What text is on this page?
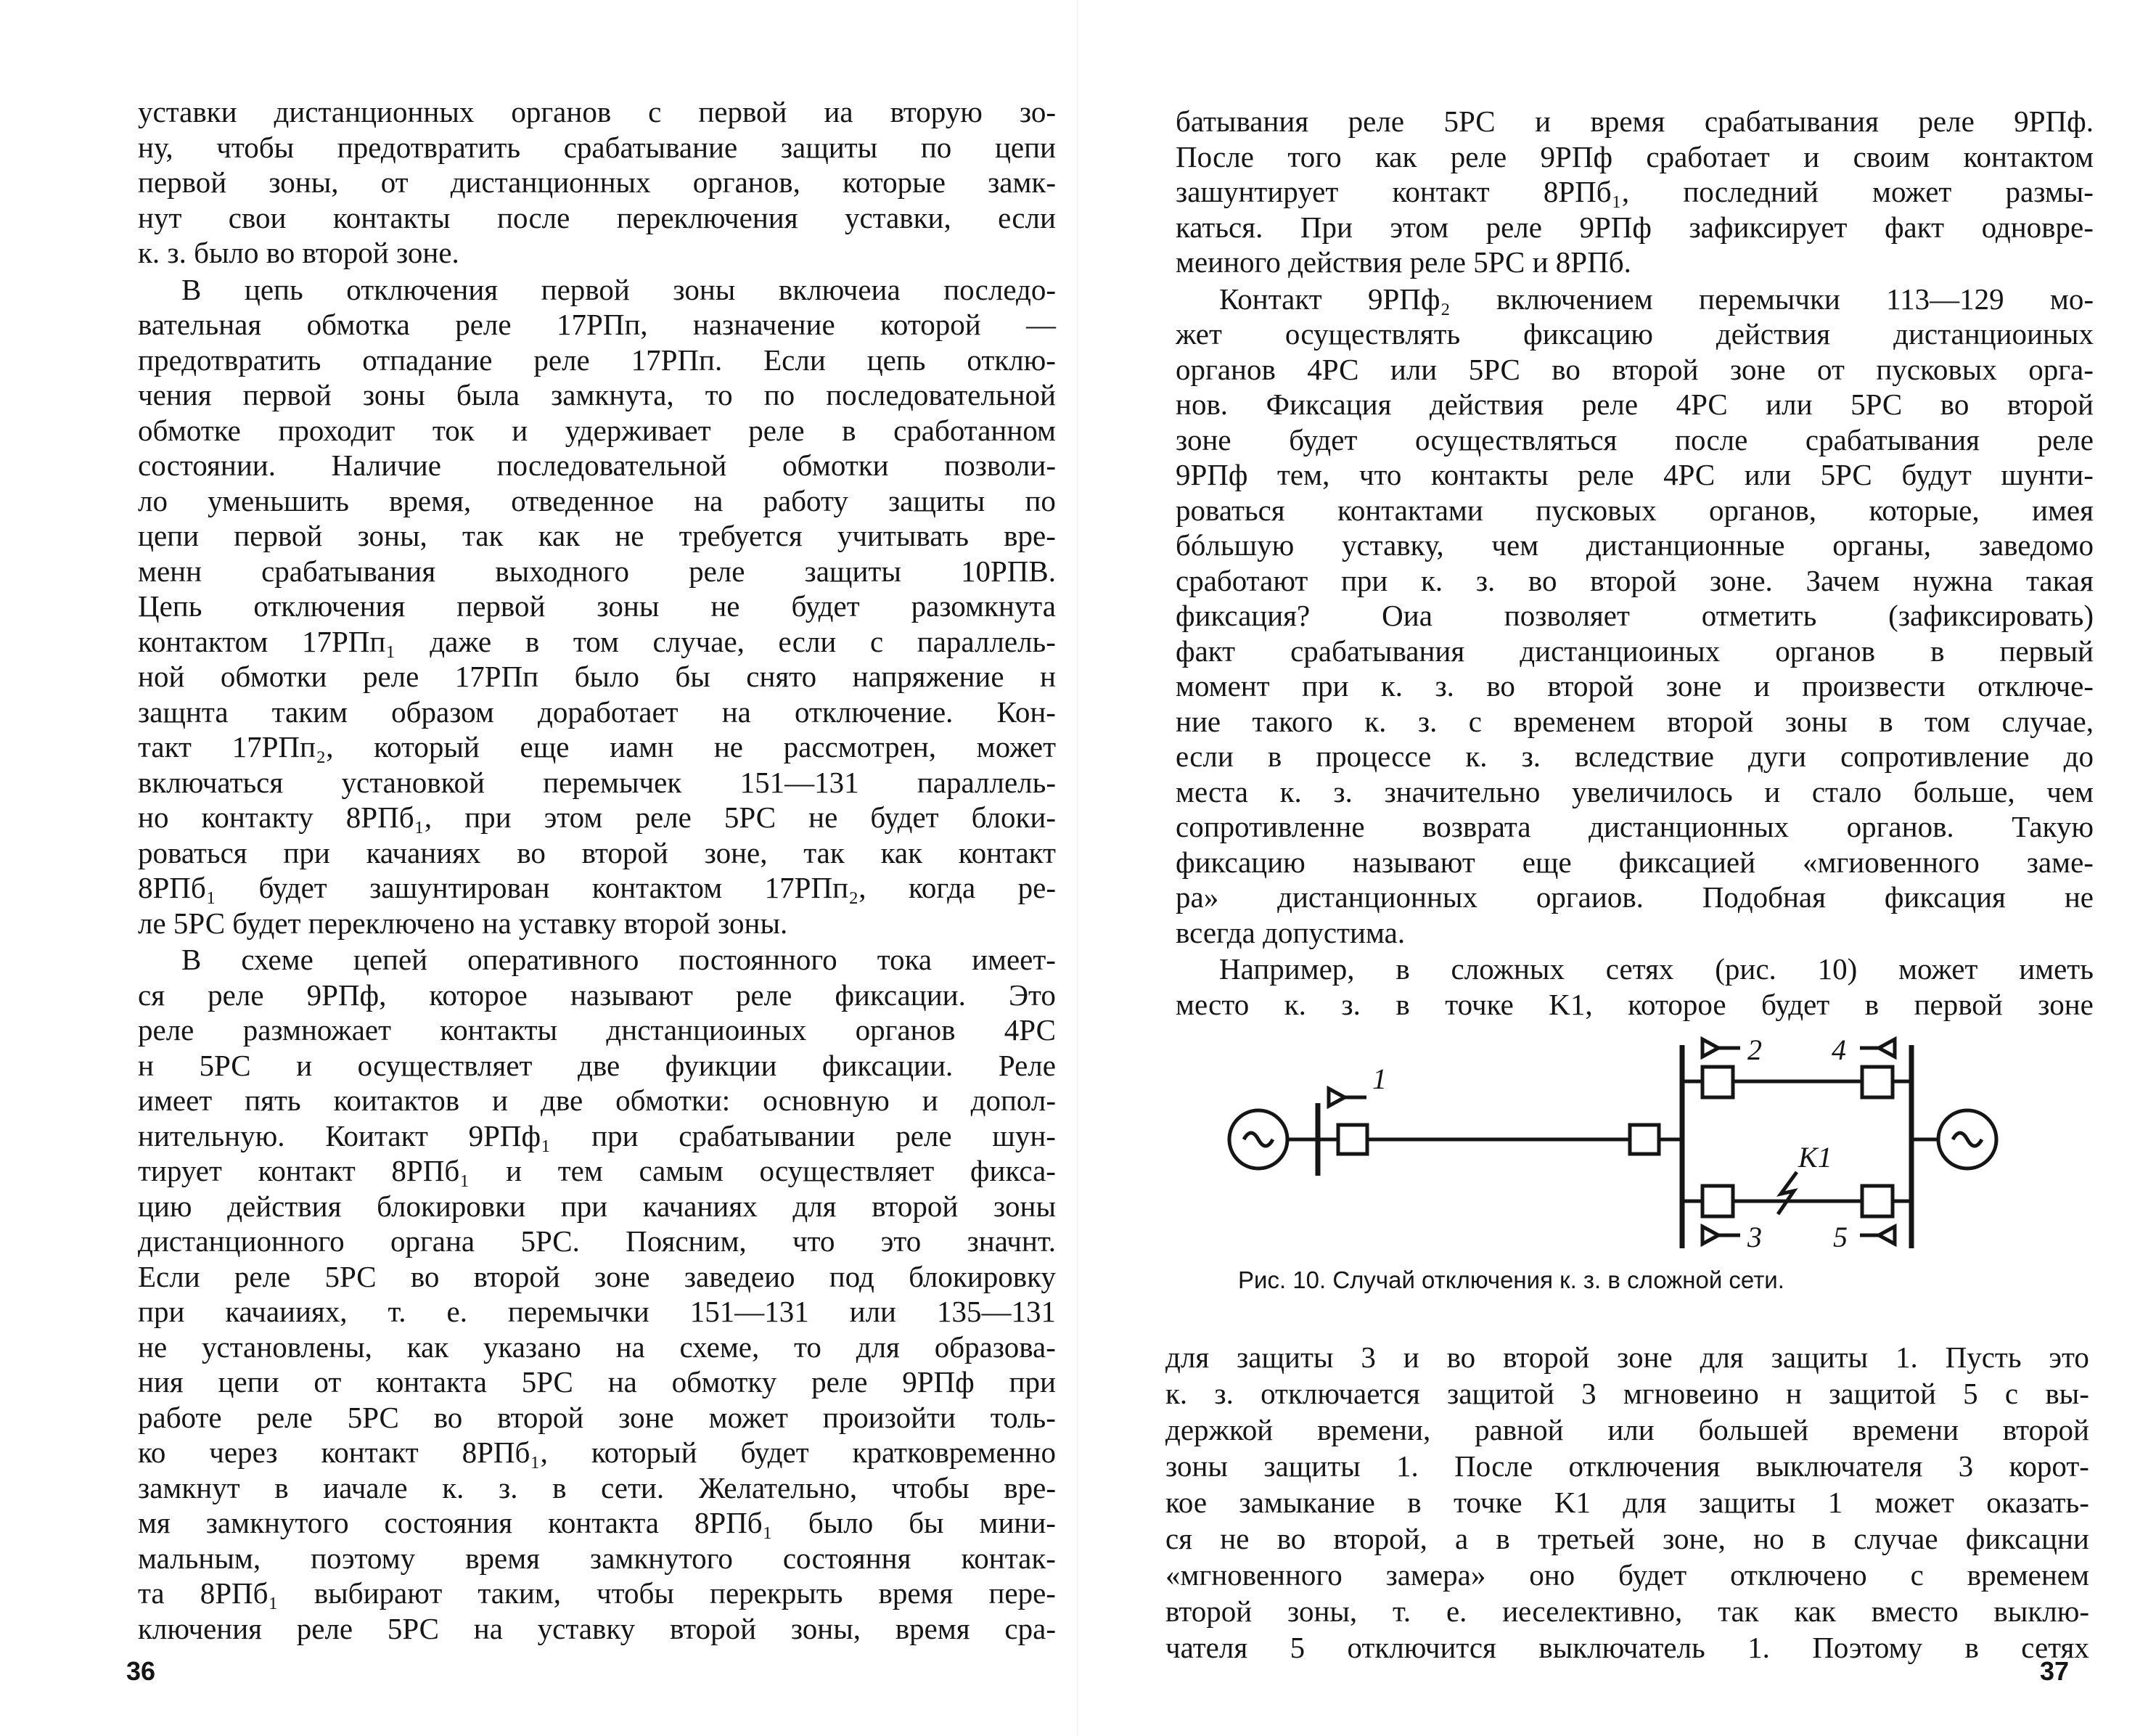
уставки дистанционных органов с первой иа вторую зо-
ну, чтобы предотвратить срабатывание защиты по цепи
первой зоны, от дистанционных органов, которые замк-
нут свои контакты после переключения уставки, если
к. з. было во второй зоне.
В цепь отключения первой зоны включеиа последо-
вательная обмотка реле 17РПп, назначение которой —
предотвратить отпадание реле 17РПп. Если цепь отклю-
чения первой зоны была замкнута, то по последовательной
обмотке проходит ток и удерживает реле в сработанном
состоянии. Наличие последовательной обмотки позволи-
ло уменьшить время, отведенное на работу защиты по
цепи первой зоны, так как не требуется учитывать вре-
менн срабатывания выходного реле защиты 10РПВ.
Цепь отключения первой зоны не будет разомкнута
контактом 17РПп₁ даже в том случае, если с параллель-
ной обмотки реле 17РПп было бы снято напряжение н
защнта таким образом доработает на отключение. Кон-
такт 17РПп₂, который еще иамн не рассмотрен, может
включаться установкой перемычек 151—131 параллель-
но контакту 8РПб₁, при этом реле 5РС не будет блоки-
роваться при качаниях во второй зоне, так как контакт
8РПб₁ будет зашунтирован контактом 17РПп₂, когда ре-
ле 5РС будет переключено на уставку второй зоны.
В схеме цепей оперативного постоянного тока имеет-
ся реле 9РПф, которое называют реле фиксации. Это
реле размножает контакты днстанциоиных органов 4РС
н 5РС и осуществляет две фуикции фиксации. Реле
имеет пять коитактов и две обмотки: основную и допол-
нительную. Коитакт 9РПф₁ при срабатывании реле шун-
тирует контакт 8РПб₁ и тем самым осуществляет фикса-
цию действия блокировки при качаниях для второй зоны
дистанционного органа 5РС. Поясним, что это значнт.
Если реле 5РС во второй зоне заведеио под блокировку
при качаииях, т. е. перемычки 151—131 или 135—131
не установлены, как указано на схеме, то для образова-
ния цепи от контакта 5РС на обмотку реле 9РПф при
работе реле 5РС во второй зоне может произойти толь-
ко через контакт 8РПб₁, который будет кратковременно
замкнут в иачале к. з. в сети. Желательно, чтобы вре-
мя замкнутого состояния контакта 8РПб₁ было бы мини-
мальным, поэтому время замкнутого состояння контак-
та 8РПб₁ выбирают таким, чтобы перекрыть время пере-
ключения реле 5РС на уставку второй зоны, время сра-
36
батывания реле 5РС и время срабатывания реле 9РПф.
После того как реле 9РПф сработает и своим контактом
зашунтирует контакт 8РПб₁, последний может размы-
каться. При этом реле 9РПф зафиксирует факт одновре-
меиного действия реле 5РС и 8РПб.
Контакт 9РПф₂ включением перемычки 113—129 мо-
жет осуществлять фиксацию действия дистанциоиных
органов 4РС или 5РС во второй зоне от пусковых орга-
нов. Фиксация действия реле 4РС или 5РС во второй
зоне будет осуществляться после срабатывания реле
9РПф тем, что контакты реле 4РС или 5РС будут шунти-
роваться контактами пусковых органов, которые, имея
бóльшую уставку, чем дистанционные органы, заведомо
сработают при к. з. во второй зоне. Зачем нужна такая
фиксация? Оиа позволяет отметить (зафиксировать)
факт срабатывания дистанциоиных органов в первый
момент при к. з. во второй зоне и произвести отключе-
ние такого к. з. с временем второй зоны в том случае,
если в процессе к. з. вследствие дуги сопротивление до
места к. з. значительно увеличилось и стало больше, чем
сопротивленне возврата дистанционных органов. Такую
фиксацию называют еще фиксацией «мгиовенного заме-
ра» дистанционных оргаиов. Подобная фиксация не
всегда допустима.
Например, в сложных сетях (рис. 10) может иметь
место к. з. в точке K1, которое будет в первой зоне
1
2 4
3 5
K1
Рис. 10. Случай отключения к. з. в сложной сети.
для защиты 3 и во второй зоне для защиты 1. Пусть это
к. з. отключается защитой 3 мгновеино н защитой 5 с вы-
держкой времени, равной или большей времени второй
зоны защиты 1. После отключения выключателя 3 корот-
кое замыкание в точке K1 для защиты 1 может оказать-
ся не во второй, а в третьей зоне, но в случае фиксацни
«мгновенного замера» оно будет отключено с временем
второй зоны, т. е. иеселективно, так как вместо выклю-
чателя 5 отключится выключатель 1. Поэтому в сетях
37
